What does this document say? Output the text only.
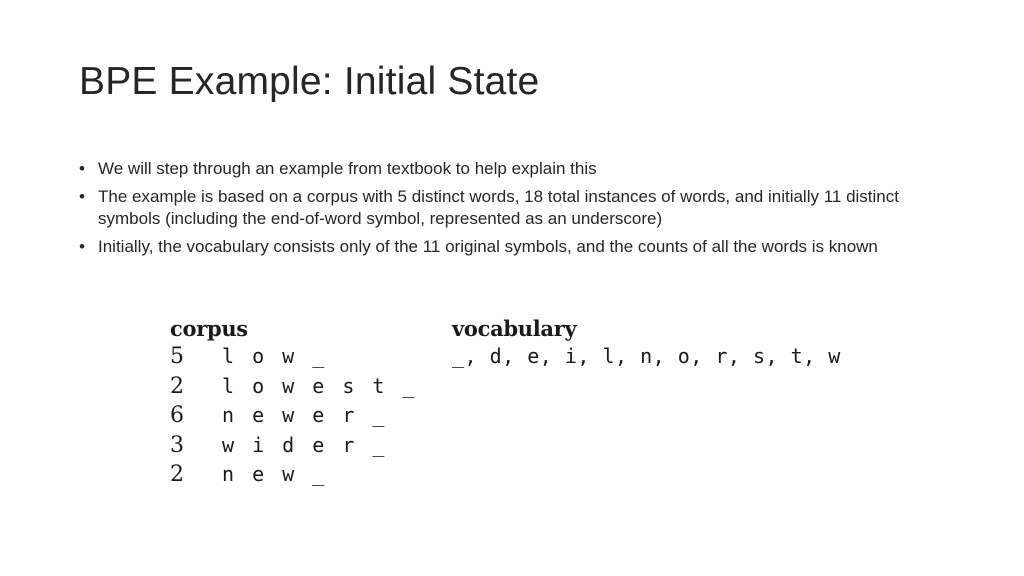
BPE Example: Initial State
• We will step through an example from textbook to help explain this
• The example is based on a corpus with 5 distinct words, 18 total instances of words, and initially 11 distinct symbols (including the end-of-word symbol, represented as an underscore)
• Initially, the vocabulary consists only of the 11 original symbols, and the counts of all the words is known
corpus
5 l o w _
2 l o w e s t _
6 n e w e r _
3 w i d e r _
2 n e w _
vocabulary
_, d, e, i, l, n, o, r, s, t, w
